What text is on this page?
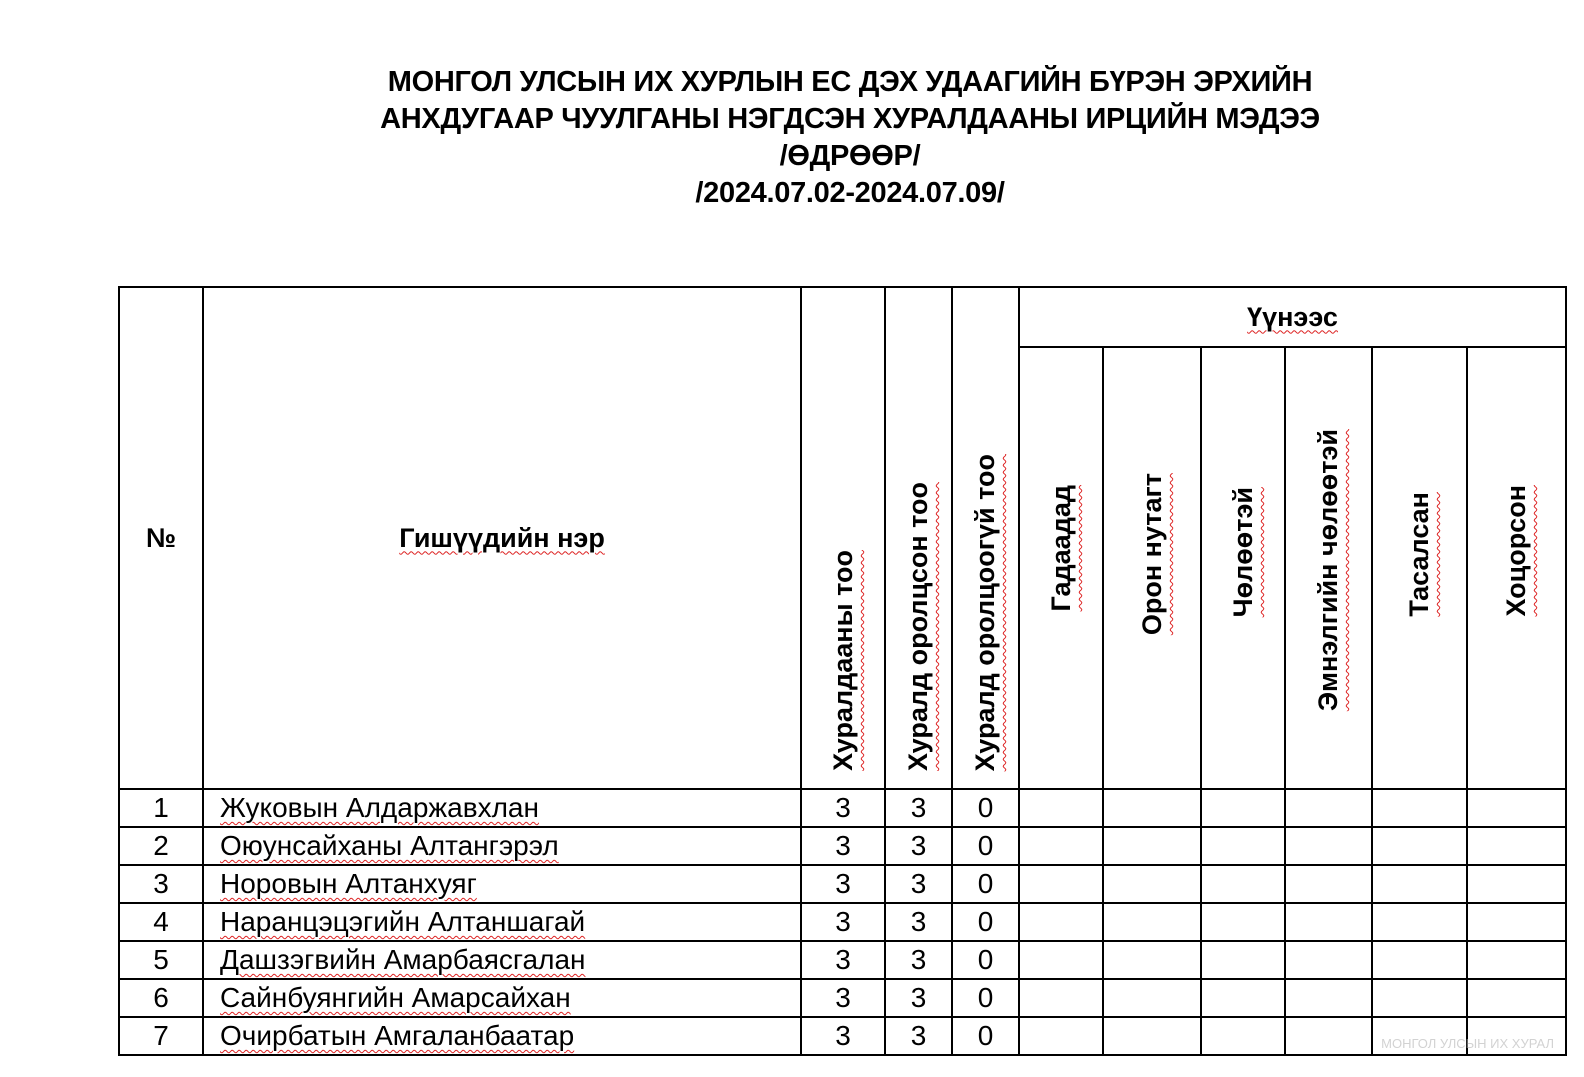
МОНГОЛ УЛСЫН ИХ ХУРЛЫН ЕС ДЭХ УДААГИЙН БҮРЭН ЭРХИЙН
АНХДУГААР ЧУУЛГАНЫ НЭГДСЭН ХУРАЛДААНЫ ИРЦИЙН МЭДЭЭ
/ӨДРӨӨР/
/2024.07.02-2024.07.09/
№	Гишүүдийн нэр	Хуралдааны тоо	Хуралд оролцсон тоо	Хуралд оролцоогүй тоо	Үүнээс					
					Гадаадад	Орон нутагт	Чөлөөтэй	Эмнэлгийн чөлөөтэй	Тасалсан	Хоцорсон
1	Жуковын Алдаржавхлан	3	3	0						
2	Оюунсайханы Алтангэрэл	3	3	0						
3	Норовын Алтанхуяг	3	3	0						
4	Наранцэцэгийн Алтаншагай	3	3	0						
5	Дашзэгвийн Амарбаясгалан	3	3	0						
6	Сайнбуянгийн Амарсайхан	3	3	0						
7	Очирбатын Амгаланбаатар	3	3	0							МОНГОЛ УЛСЫН ИХ ХУРАЛ
